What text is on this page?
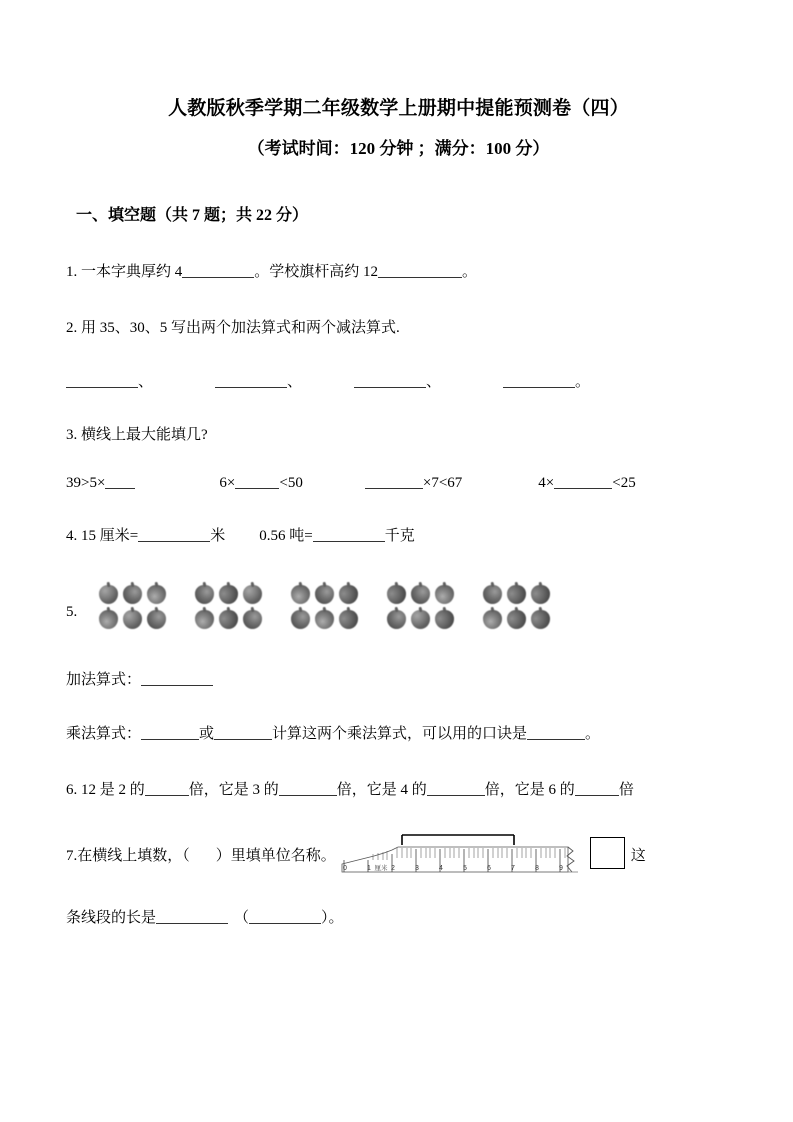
人教版秋季学期二年级数学上册期中提能预测卷（四）
（考试时间：120 分钟 ；满分：100 分）
一、填空题（共 7 题；共 22 分）
1. 一本字典厚约 4	。学校旗杆高约 12	。
2. 用 35、30、5 写出两个加法算式和两个减法算式.
、	、	、	。
3. 横线上最大能填几?
39>5×	6×	<50	×7<67	4×	<25
4. 15 厘米=	米 0.56 吨=	千克
5.
加法算式：
乘法算式：	或	计算这两个乘法算式，可以用的口诀是	。
6. 12 是 2 的	倍，它是 3 的	倍，它是 4 的	倍，它是 6 的	倍
7.在横线上填数，（ ）里填单位名称。
0	1	2	3	4	5	6	7	8	9
厘米
这
条线段的长是	（	）。
